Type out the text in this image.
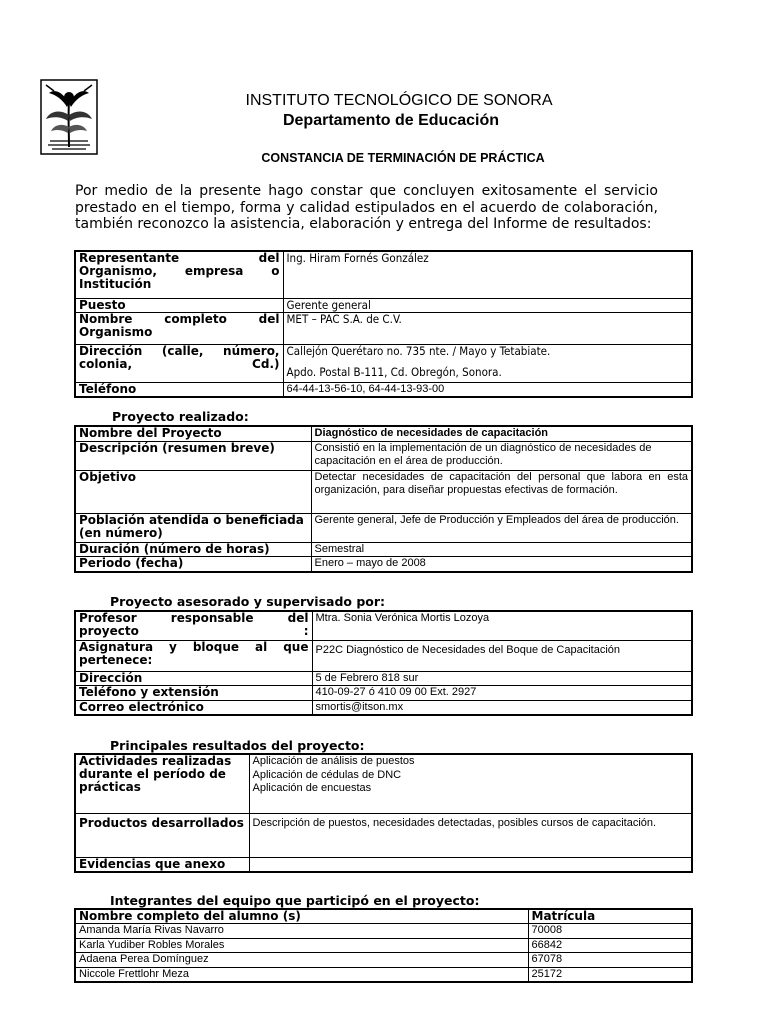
INSTITUTO TECNOLÓGICO DE SONORA
Departamento de Educación
CONSTANCIA DE TERMINACIÓN DE PRÁCTICA

Por medio de la presente hago constar que concluyen exitosamente el servicio prestado en el tiempo, forma y calidad estipulados en el acuerdo de colaboración, también reconozco la asistencia, elaboración y entrega del Informe de resultados:

Representante del Organismo, empresa o Institución	Ing. Hiram Fornés González
Puesto	Gerente general
Nombre completo del Organismo	MET – PAC S.A. de C.V.
Dirección (calle, número, colonia, Cd.)	Callejón Querétaro no. 735 nte. / Mayo y Tetabiate.
Apdo. Postal B-111, Cd. Obregón, Sonora.

Teléfono	64-44-13-56-10, 64-44-13-93-00
Proyecto realizado:
Nombre del Proyecto	Diagnóstico de necesidades de capacitación
Descripción (resumen breve)	Consistió en la implementación de un diagnóstico de necesidades de capacitación en el área de producción.
Objetivo	Detectar necesidades de capacitación del personal que labora en esta organización, para diseñar propuestas efectivas de formación.
Población atendida o beneficiada (en número)	Gerente general, Jefe de Producción y Empleados del área de producción.
Duración (número de horas)	Semestral
Periodo (fecha)	Enero – mayo de 2008
Proyecto asesorado y supervisado por:
Profesor responsable del proyecto :	Mtra. Sonia Verónica Mortis Lozoya
Asignatura y bloque al que pertenece:	P22C Diagnóstico de Necesidades del Boque de Capacitación
Dirección	5 de Febrero 818 sur
Teléfono y extensión	410-09-27 ó 410 09 00 Ext. 2927
Correo electrónico	smortis@itson.mx
Principales resultados del proyecto:
Actividades realizadas durante el período de prácticas	Aplicación de análisis de puestos
Aplicación de cédulas de DNC
Aplicación de encuestas

Productos desarrollados	Descripción de puestos, necesidades detectadas, posibles cursos de capacitación.
Evidencias que anexo	
Integrantes del equipo que participó en el proyecto:
Nombre completo del alumno (s)	Matrícula
Amanda María Rivas Navarro	70008
Karla Yudiber Robles Morales	66842
Adaena Perea Domínguez	67078
Niccole Frettlohr Meza	25172
